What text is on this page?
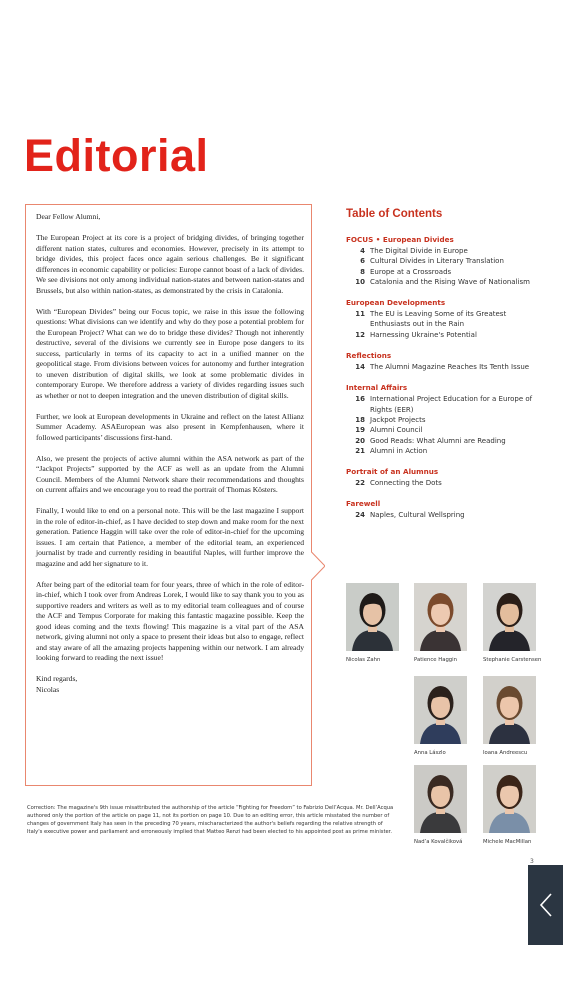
Editorial

Dear Fellow Alumni,

The European Project at its core is a project of bridging divides, of bringing together different nation states, cultures and economies. However, precisely in its attempt to bridge divides, this project faces once again serious challenges. Be it significant differences in economic capability or policies: Europe cannot boast of a lack of divides. We see divisions not only among individual nation-states and between nation-states and Brussels, but also within nation-states, as demonstrated by the crisis in Catalonia.

With “European Divides” being our Focus topic, we raise in this issue the following questions: What divisions can we identify and why do they pose a potential problem for the European Project? What can we do to bridge these divides? Though not inherently destructive, several of the divisions we currently see in Europe pose dangers to its success, particularly in terms of its capacity to act in a unified manner on the geopolitical stage. From divisions between voices for autonomy and further integration to uneven distribution of digital skills, we look at some problematic divides in contemporary Europe. We therefore address a variety of divides regarding issues such as whether or not to deepen integration and the uneven distribution of digital skills.

Further, we look at European developments in Ukraine and reflect on the latest Allianz Summer Academy. ASAEuropean was also present in Kempfenhausen, where it followed participants’ discussions first-hand.

Also, we present the projects of active alumni within the ASA network as part of the “Jackpot Projects” supported by the ACF as well as an update from the Alumni Council. Members of the Alumni Network share their recommendations and thoughts on current affairs and we encourage you to read the portrait of Thomas Kösters.

Finally, I would like to end on a personal note. This will be the last magazine I support in the role of editor-in-chief, as I have decided to step down and make room for the next generation. Patience Haggin will take over the role of editor-in-chief for the upcoming issues. I am certain that Patience, a member of the editorial team, an experienced journalist by trade and currently residing in beautiful Naples, will further improve the magazine and add her signature to it.

After being part of the editorial team for four years, three of which in the role of editor-in-chief, which I took over from Andreas Lorek, I would like to say thank you to you as supportive readers and writers as well as to my editorial team colleagues and of course the ACF and Tempus Corporate for making this fantastic magazine possible. Keep the good ideas coming and the texts flowing! This magazine is a vital part of the ASA network, giving alumni not only a space to present their ideas but also to engage, reflect and stay aware of all the amazing projects happening within our network. I am already looking forward to reading the next issue!

Kind regards,

Nicolas

Table of Contents
FOCUS • European Divides
4 The Digital Divide in Europe
6 Cultural Divides in Literary Translation
8 Europe at a Crossroads
10 Catalonia and the Rising Wave of Nationalism
European Developments
11 The EU is Leaving Some of its Greatest Enthusiasts out in the Rain
12 Harnessing Ukraine's Potential
Reflections
14 The Alumni Magazine Reaches Its Tenth Issue
Internal Affairs
16 International Project Education for a Europe of Rights (EER)
18 Jackpot Projects
19 Alumni Council
20 Good Reads: What Alumni are Reading
21 Alumni in Action
Portrait of an Alumnus
22 Connecting the Dots
Farewell
24 Naples, Cultural Wellspring
Nicolas Zahn	Patience Haggin	Stephanie Carstensen
Anna Lászlo	Ioana Andreescu
Nad’a Kovalčiková	Michele MacMillan
Correction: The magazine's 9th issue misattributed the authorship of the article “Fighting for Freedom” to Fabrizio Dell’Acqua. Mr. Dell’Acqua authored only the portion of the article on page 11, not its portion on page 10. Due to an editing error, this article misstated the number of changes of government Italy has seen in the preceding 70 years, mischaracterized the author's beliefs regarding the relative strength of Italy's executive power and parliament and erroneously implied that Matteo Renzi had been elected to his appointed post as prime minister.
3
